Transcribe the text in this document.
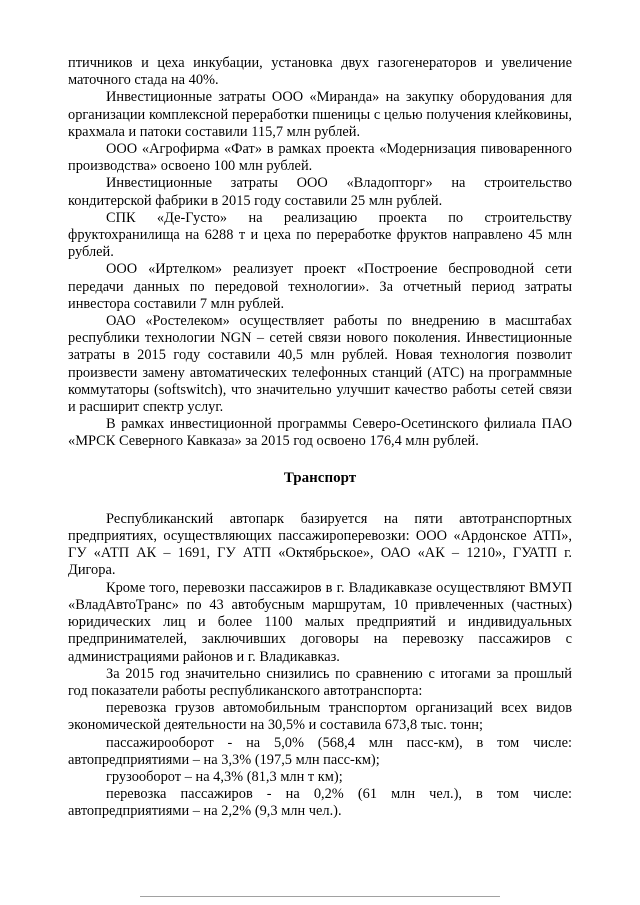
птичников и цеха инкубации, установка двух газогенераторов и увеличение маточного стада на 40%.

Инвестиционные затраты ООО «Миранда» на закупку оборудования для организации комплексной переработки пшеницы с целью получения клейковины, крахмала и патоки составили 115,7 млн рублей.

ООО «Агрофирма «Фат» в рамках проекта «Модернизация пивоваренного производства» освоено 100 млн рублей.

Инвестиционные затраты ООО «Владопторг» на строительство кондитерской фабрики в 2015 году составили 25 млн рублей.

СПК «Де-Густо» на реализацию проекта по строительству фруктохранилища на 6288 т и цеха по переработке фруктов направлено 45 млн рублей.

ООО «Иртелком» реализует проект «Построение беспроводной сети передачи данных по передовой технологии». За отчетный период затраты инвестора составили 7 млн рублей.

ОАО «Ростелеком» осуществляет работы по внедрению в масштабах республики технологии NGN – сетей связи нового поколения. Инвестиционные затраты в 2015 году составили 40,5 млн рублей. Новая технология позволит произвести замену автоматических телефонных станций (АТС) на программные коммутаторы (softswitch), что значительно улучшит качество работы сетей связи и расширит спектр услуг.

В рамках инвестиционной программы Северо-Осетинского филиала ПАО «МРСК Северного Кавказа» за 2015 год освоено 176,4 млн рублей.

Транспорт

Республиканский автопарк базируется на пяти автотранспортных предприятиях, осуществляющих пассажироперевозки: ООО «Ардонское АТП», ГУ «АТП АК – 1691, ГУ АТП «Октябрьское», ОАО «АК – 1210», ГУАТП г. Дигора.

Кроме того, перевозки пассажиров в г. Владикавказе осуществляют ВМУП «ВладАвтоТранс» по 43 автобусным маршрутам, 10 привлеченных (частных) юридических лиц и более 1100 малых предприятий и индивидуальных предпринимателей, заключивших договоры на перевозку пассажиров с администрациями районов и г. Владикавказ.

За 2015 год значительно снизились по сравнению с итогами за прошлый год показатели работы республиканского автотранспорта:

перевозка грузов автомобильным транспортом организаций всех видов экономической деятельности на 30,5% и составила 673,8 тыс. тонн;

пассажирооборот - на 5,0% (568,4 млн пасс-км), в том числе: автопредприятиями – на 3,3% (197,5 млн пасс-км);

грузооборот – на 4,3% (81,3 млн т км);

перевозка пассажиров - на 0,2% (61 млн чел.), в том числе: автопредприятиями – на 2,2% (9,3 млн чел.).
